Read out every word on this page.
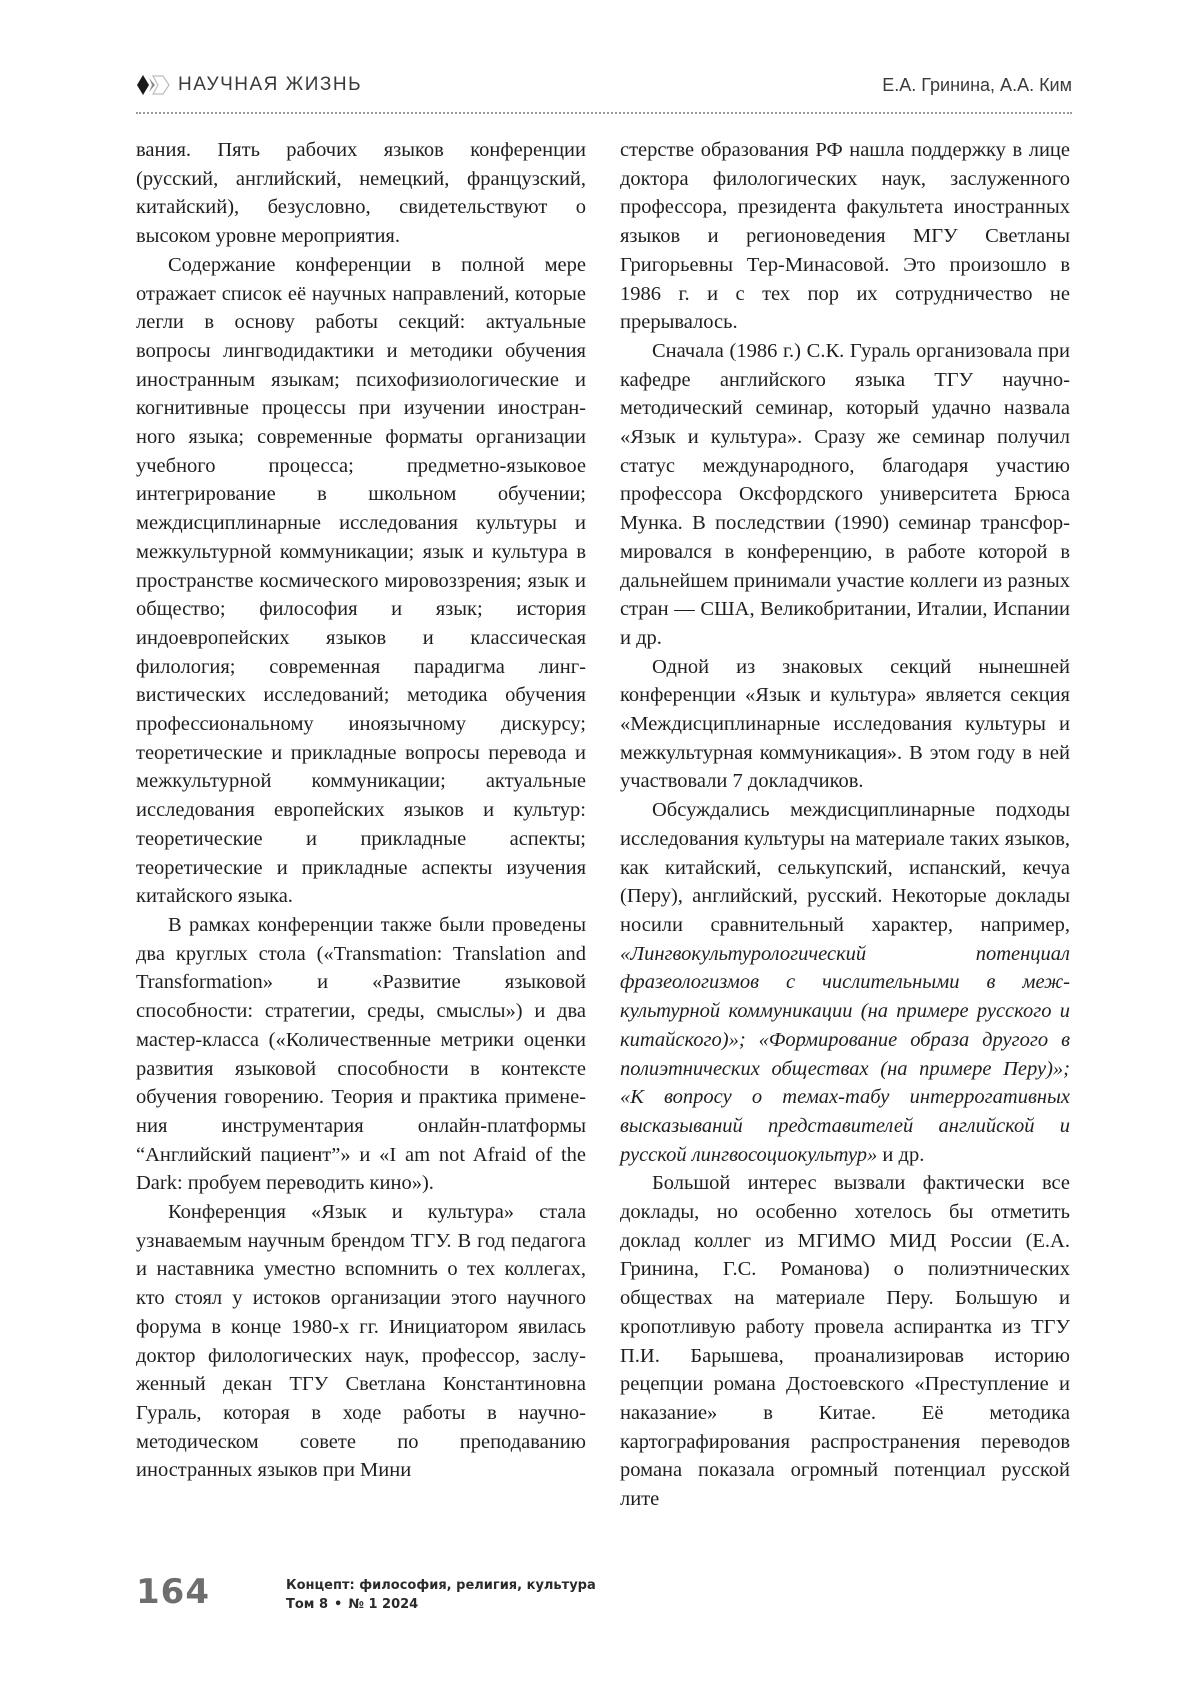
НАУЧНАЯ ЖИЗНЬ	Е.А. Гринина, А.А. Ким

вания. Пять рабочих языков конференции (русский, английский, немецкий, французский, китайский), безусловно, свидетельствуют о высоком уровне мероприятия.

Содержание конференции в полной мере отражает список её научных направлений, которые легли в основу работы секций: актуальные вопросы лингводидактики и методики обучения иностранным языкам; психофизиологические и когнитивные процессы при изучении иностранного языка; современные форматы организации учебного процесса; предметно-языковое интегрирование в школьном обучении; междисциплинарные исследования культуры и межкультурной коммуникации; язык и культура в пространстве космического мировоззрения; язык и общество; философия и язык; история индоевропейских языков и классическая филология; современная парадигма лингвистических исследований; методика обучения профессиональному иноязычному дискурсу; теоретические и прикладные вопросы перевода и межкультурной коммуникации; актуальные исследования европейских языков и культур: теоретические и прикладные аспекты; теоретические и прикладные аспекты изучения китайского языка.

В рамках конференции также были проведены два круглых стола («Transmation: Translation and Transformation» и «Развитие языковой способности: стратегии, среды, смыслы») и два мастер-класса («Количественные метрики оценки развития языковой способности в контексте обучения говорению. Теория и практика применения инструментария онлайн-платформы “Английский пациент”» и «I am not Afraid of the Dark: пробуем переводить кино»).

Конференция «Язык и культура» стала узнаваемым научным брендом ТГУ. В год педагога и наставника уместно вспомнить о тех коллегах, кто стоял у истоков организации этого научного форума в конце 1980-х гг. Инициатором явилась доктор филологических наук, профессор, заслуженный декан ТГУ Светлана Константиновна Гураль, которая в ходе работы в научно-методическом совете по преподаванию иностранных языков при Мини

стерстве образования РФ нашла поддержку в лице доктора филологических наук, заслуженного профессора, президента факультета иностранных языков и регионоведения МГУ Светланы Григорьевны Тер-Минасовой. Это произошло в 1986 г. и с тех пор их сотрудничество не прерывалось.

Сначала (1986 г.) С.К. Гураль организовала при кафедре английского языка ТГУ научно-методический семинар, который удачно назвала «Язык и культура». Сразу же семинар получил статус международного, благодаря участию профессора Оксфордского университета Брюса Мунка. В последствии (1990) семинар трансформировался в конференцию, в работе которой в дальнейшем принимали участие коллеги из разных стран — США, Великобритании, Италии, Испании и др.

Одной из знаковых секций нынешней конференции «Язык и культура» является секция «Междисциплинарные исследования культуры и межкультурная коммуникация». В этом году в ней участвовали 7 докладчиков.

Обсуждались междисциплинарные подходы исследования культуры на материале таких языков, как китайский, селькупский, испанский, кечуа (Перу), английский, русский. Некоторые доклады носили сравнительный характер, например, «Лингвокультурологический потенциал фразеологизмов с числительными в межкультурной коммуникации (на примере русского и китайского)»; «Формирование образа другого в полиэтнических обществах (на примере Перу)»; «К вопросу о темах-табу интеррогативных высказываний представителей английской и русской лингвосоциокультур» и др.

Большой интерес вызвали фактически все доклады, но особенно хотелось бы отметить доклад коллег из МГИМО МИД России (Е.А. Гринина, Г.С. Романова) о полиэтнических обществах на материале Перу. Большую и кропотливую работу провела аспирантка из ТГУ П.И. Барышева, проанализировав историю рецепции романа Достоевского «Преступление и наказание» в Китае. Её методика картографирования распространения переводов романа показала огромный потенциал русской лите

164	Концепт: философия, религия, культура
Том 8 • № 1 2024
